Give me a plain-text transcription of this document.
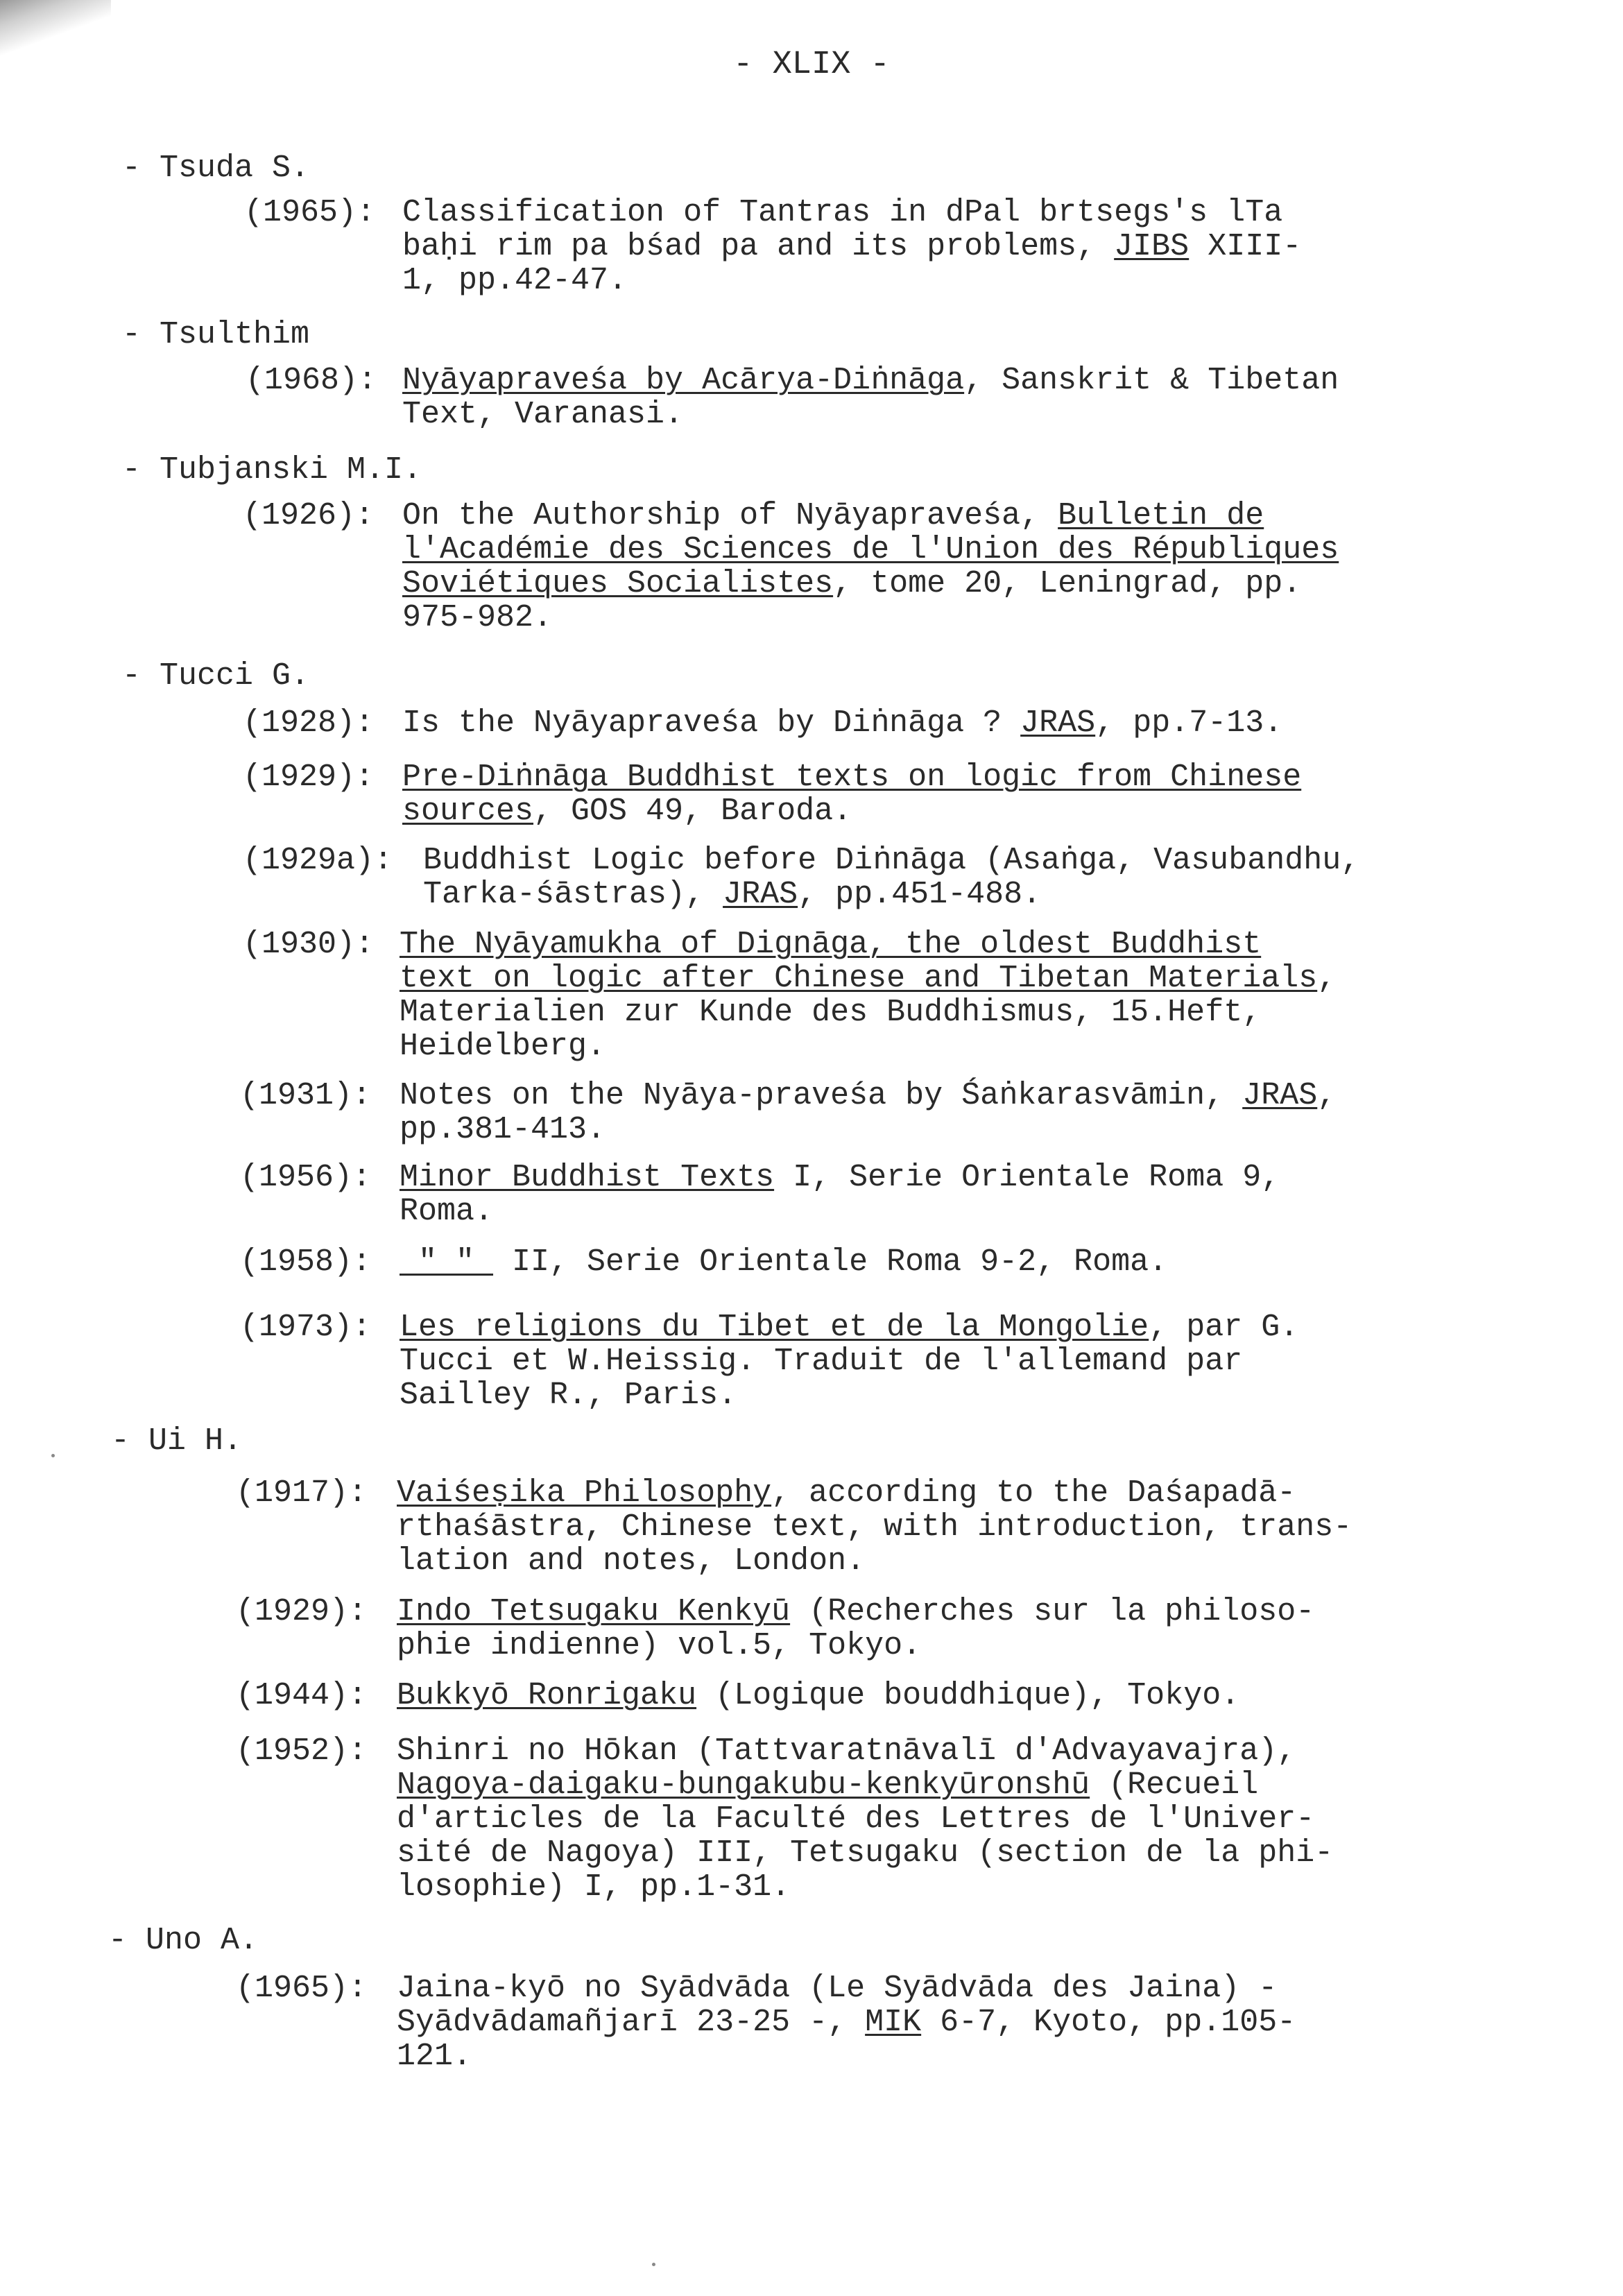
- XLIX -
- Tsuda S.
- Tsulthim
- Tubjanski M.I.
- Tucci G.
- Ui H.
- Uno A.
(1965): Classification of Tantras in dPal brtsegs's lTa
baḥi rim pa bśad pa and its problems, JIBS XIII-
1, pp.42-47.
(1968): Nyāyapraveśa by Acārya-Diṅnāga, Sanskrit & Tibetan
Text, Varanasi.
(1926): On the Authorship of Nyāyapraveśa, Bulletin de
l'Académie des Sciences de l'Union des Républiques
Soviétiques Socialistes, tome 20, Leningrad, pp.
975-982.
(1928): Is the Nyāyapraveśa by Diṅnāga ? JRAS, pp.7-13.
(1929): Pre-Diṅnāga Buddhist texts on logic from Chinese
sources, GOS 49, Baroda.
(1929a): Buddhist Logic before Diṅnāga (Asaṅga, Vasubandhu,
Tarka-śāstras), JRAS, pp.451-488.
(1930): The Nyāyamukha of Dignāga, the oldest Buddhist
text on logic after Chinese and Tibetan Materials,
Materialien zur Kunde des Buddhismus, 15.Heft,
Heidelberg.
(1931): Notes on the Nyāya-praveśa by Śaṅkarasvāmin, JRAS,
pp.381-413.
(1956): Minor Buddhist Texts I, Serie Orientale Roma 9,
Roma.
(1958): " "  II, Serie Orientale Roma 9-2, Roma.
(1973): Les religions du Tibet et de la Mongolie, par G.
Tucci et W.Heissig. Traduit de l'allemand par
Sailley R., Paris.
(1917): Vaiśeṣika Philosophy, according to the Daśapadā-
rthaśāstra, Chinese text, with introduction, trans-
lation and notes, London.
(1929): Indo Tetsugaku Kenkyū (Recherches sur la philoso-
phie indienne) vol.5, Tokyo.
(1944): Bukkyō Ronrigaku (Logique bouddhique), Tokyo.
(1952): Shinri no Hōkan (Tattvaratnāvalī d'Advayavajra),
Nagoya-daigaku-bungakubu-kenkyūronshū (Recueil
d'articles de la Faculté des Lettres de l'Univer-
sité de Nagoya) III, Tetsugaku (section de la phi-
losophie) I, pp.1-31.
(1965): Jaina-kyō no Syādvāda (Le Syādvāda des Jaina) -
Syādvādamañjarī 23-25 -, MIK 6-7, Kyoto, pp.105-
121.
